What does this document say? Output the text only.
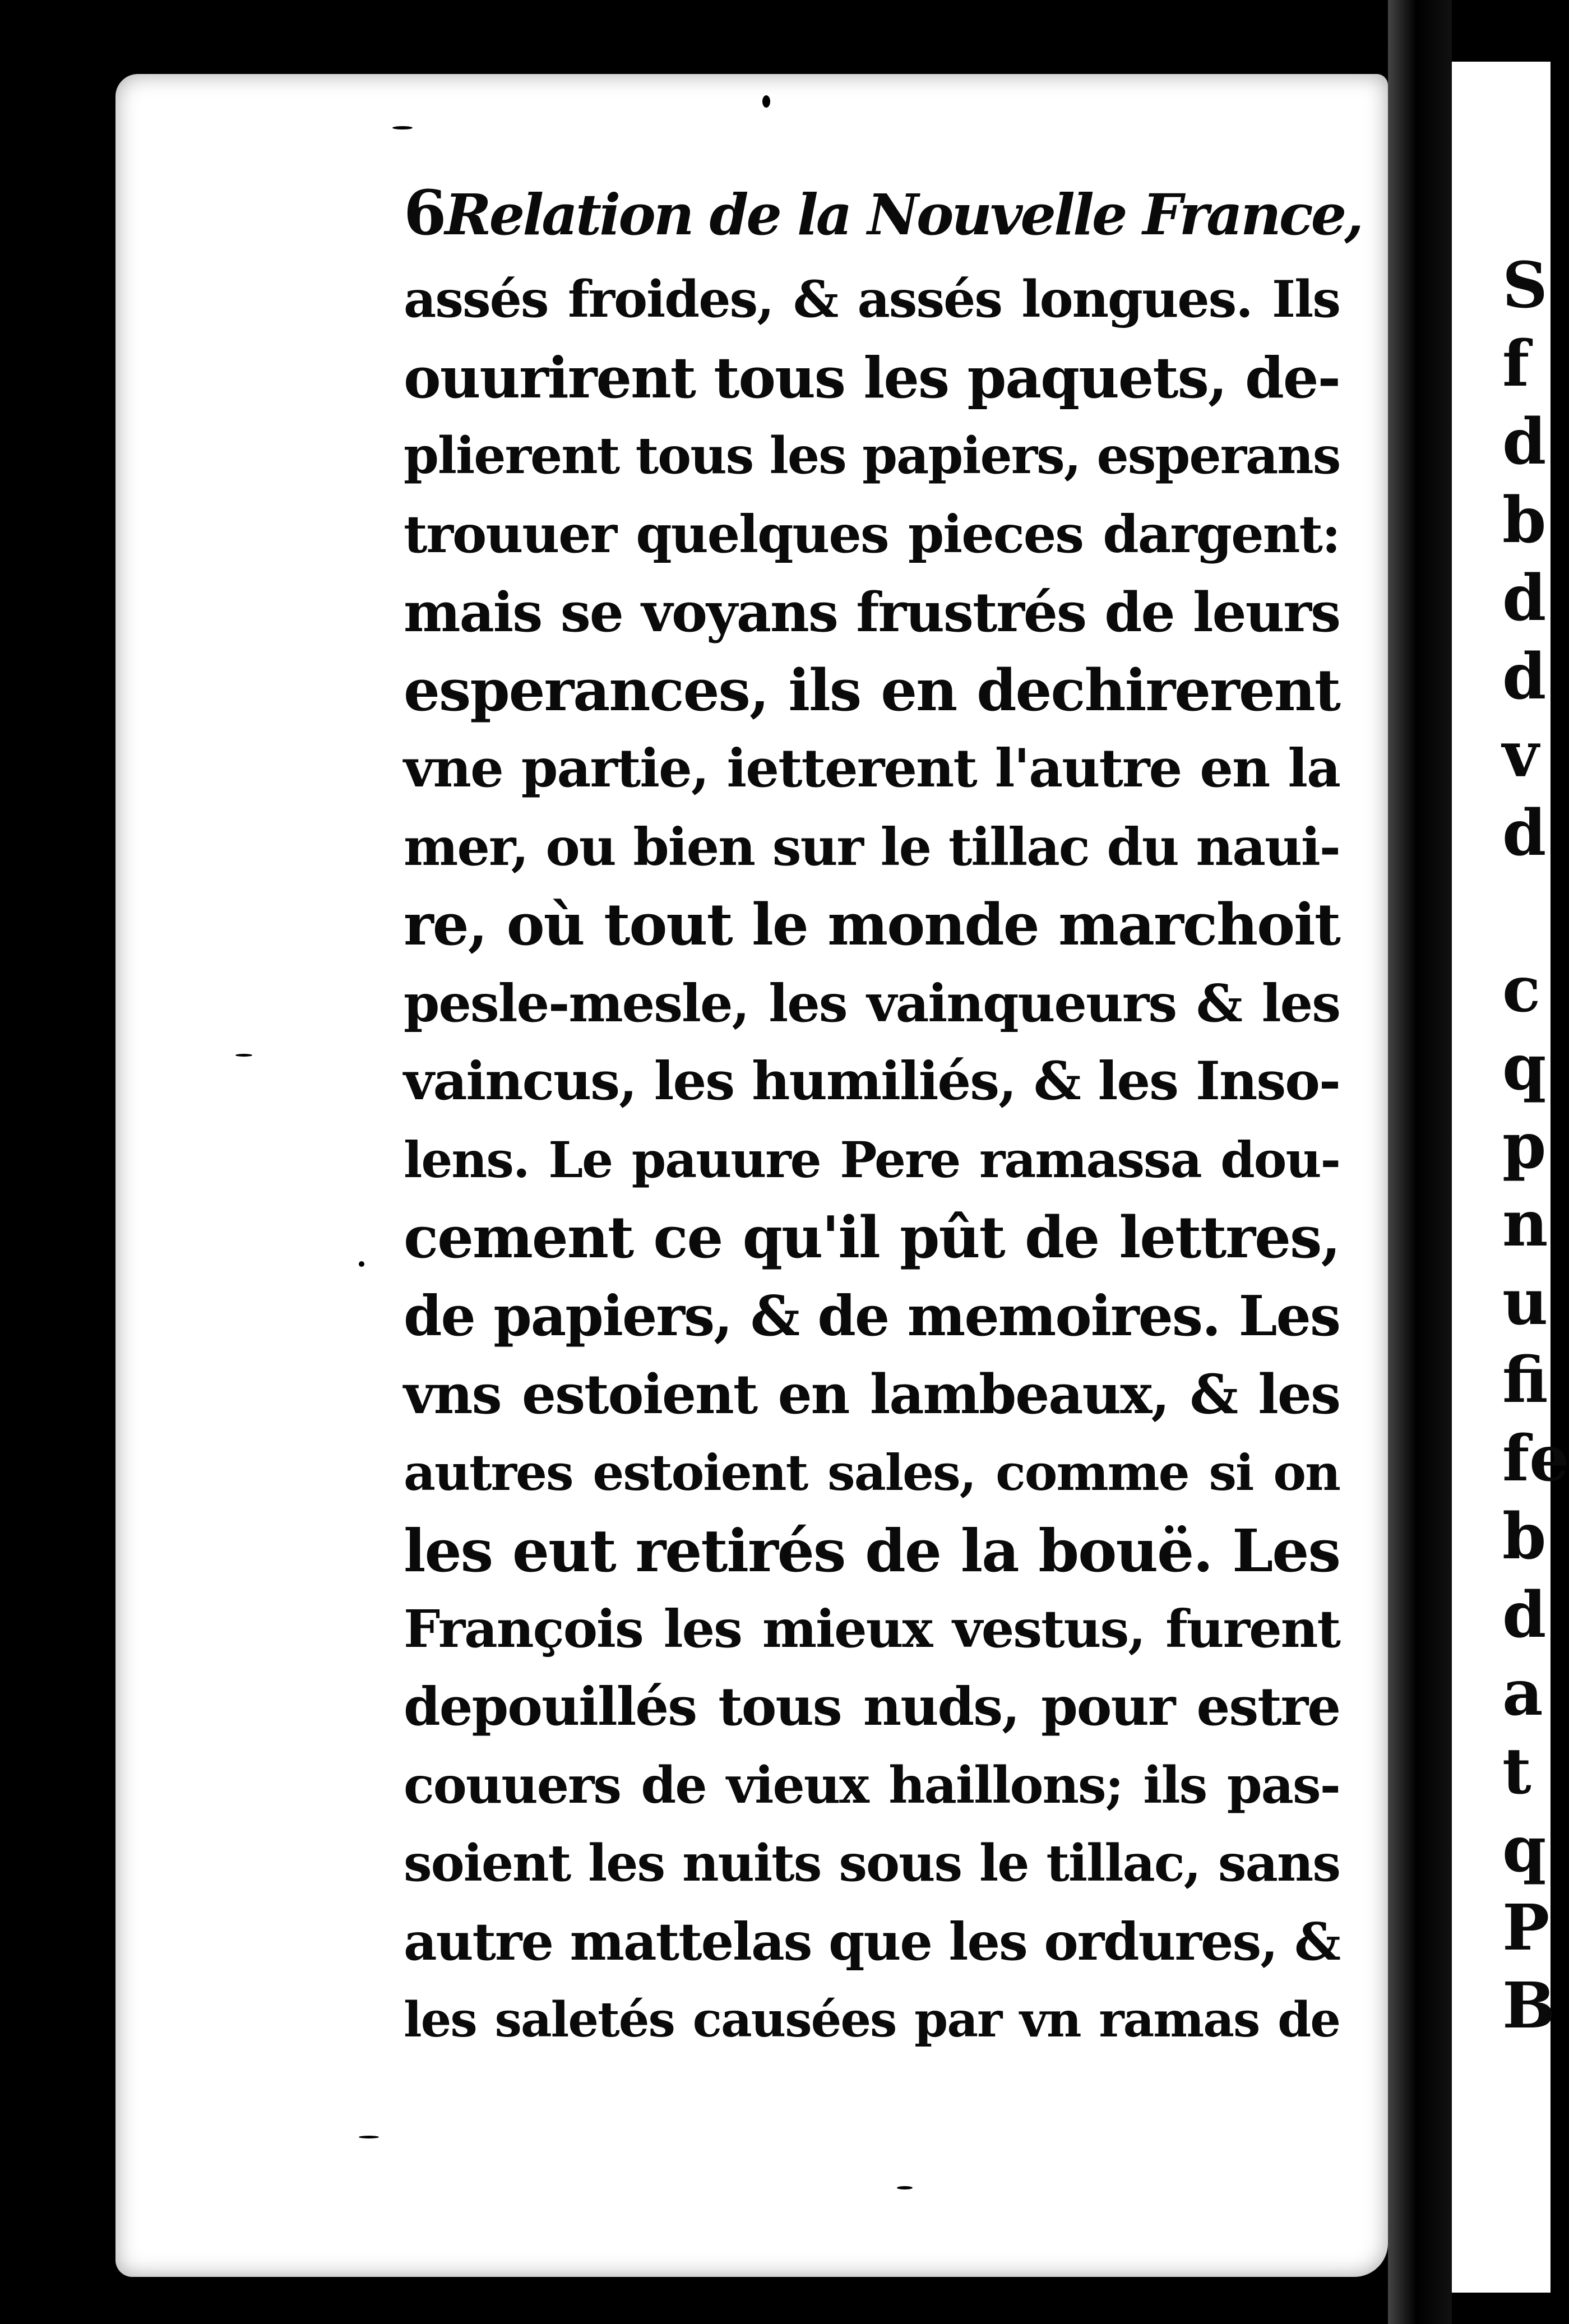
6 Relation de la Nouvelle France,
assés froides, & assés longues. Ils
ouurirent tous les paquets, de-
plierent tous les papiers, esperans
trouuer quelques pieces dargent:
mais se voyans frustrés de leurs
esperances, ils en dechirerent
vne partie, ietterent l'autre en la
mer, ou bien sur le tillac du naui-
re, où tout le monde marchoit
pesle-mesle, les vainqueurs & les
vaincus, les humiliés, & les Inso-
lens. Le pauure Pere ramassa dou-
cement ce qu'il pût de lettres,
de papiers, & de memoires. Les
vns estoient en lambeaux, & les
autres estoient sales, comme si on
les eut retirés de la bouë. Les
François les mieux vestus, furent
depouillés tous nuds, pour estre
couuers de vieux haillons; ils pas-
soient les nuits sous le tillac, sans
autre mattelas que les ordures, &
les saletés causées par vn ramas de
S
f
d
b
d
d
v
d
c
q
p
n
u
fi
fe
b
d
a
t
q
P
B
